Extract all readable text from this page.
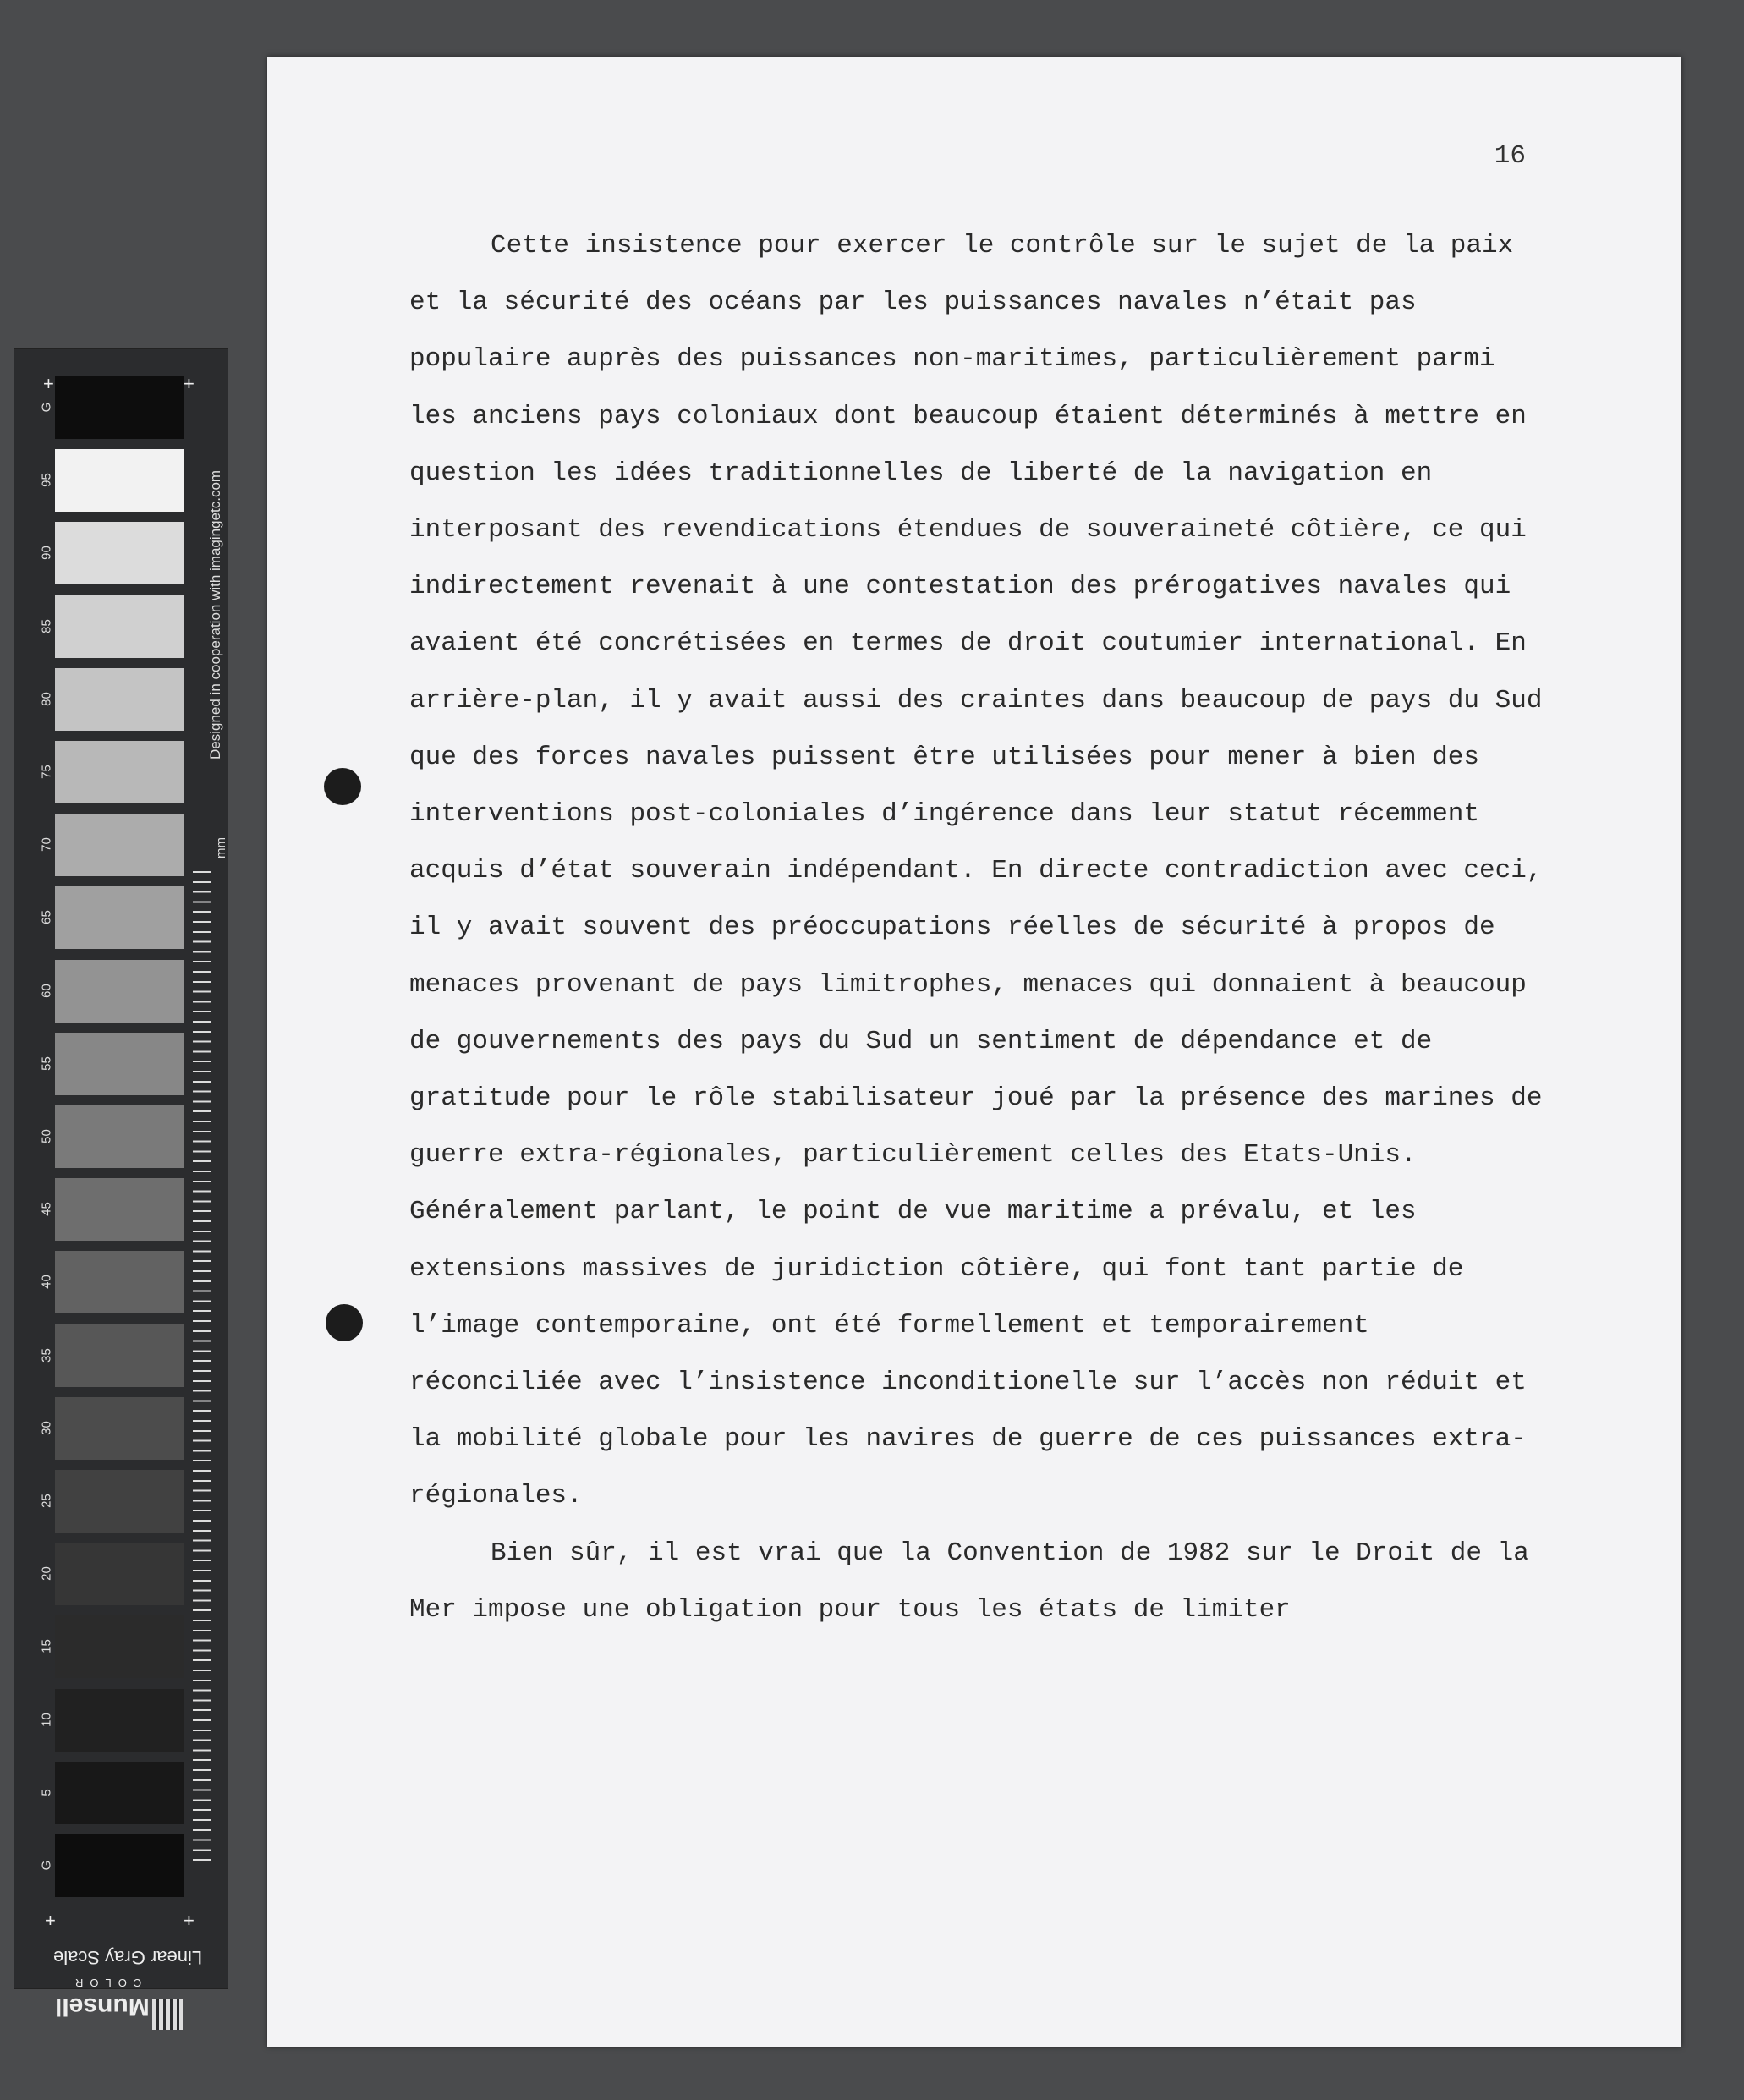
+	+
+	+
G
95
90
85
80
75
70
65
60
55
50
45
40
35
30
25
20
15
10
5
G
Designed in cooperation with imagingetc.com
mm
Linear Gray Scale
COLOR
Munsell
16

Cette insistence pour exercer le contrôle sur le sujet de la paix et la sécurité des océans par les puissances navales n’était pas populaire auprès des puissances non-maritimes, particulièrement parmi les anciens pays coloniaux dont beaucoup étaient déterminés à mettre en question les idées traditionnelles de liberté de la navigation en interposant des revendications étendues de souveraineté côtière, ce qui indirectement revenait à une contestation des prérogatives navales qui avaient été concrétisées en termes de droit coutumier international. En arrière-plan, il y avait aussi des craintes dans beaucoup de pays du Sud que des forces navales puissent être utilisées pour mener à bien des interventions post-coloniales d’ingérence dans leur statut récemment acquis d’état souverain indépendant. En directe contradiction avec ceci, il y avait souvent des préoccupations réelles de sécurité à propos de menaces provenant de pays limitrophes, menaces qui donnaient à beaucoup de gouvernements des pays du Sud un sentiment de dépendance et de gratitude pour le rôle stabilisateur joué par la présence des marines de guerre extra-régionales, particulièrement celles des Etats-Unis. Généralement parlant, le point de vue maritime a prévalu, et les extensions massives de juridiction côtière, qui font tant partie de l’image contemporaine, ont été formellement et temporairement réconciliée avec l’insistence inconditionelle sur l’accès non réduit et la mobilité globale pour les navires de guerre de ces puissances extra-régionales.

Bien sûr, il est vrai que la Convention de 1982 sur le Droit de la Mer impose une obligation pour tous les états de limiter
